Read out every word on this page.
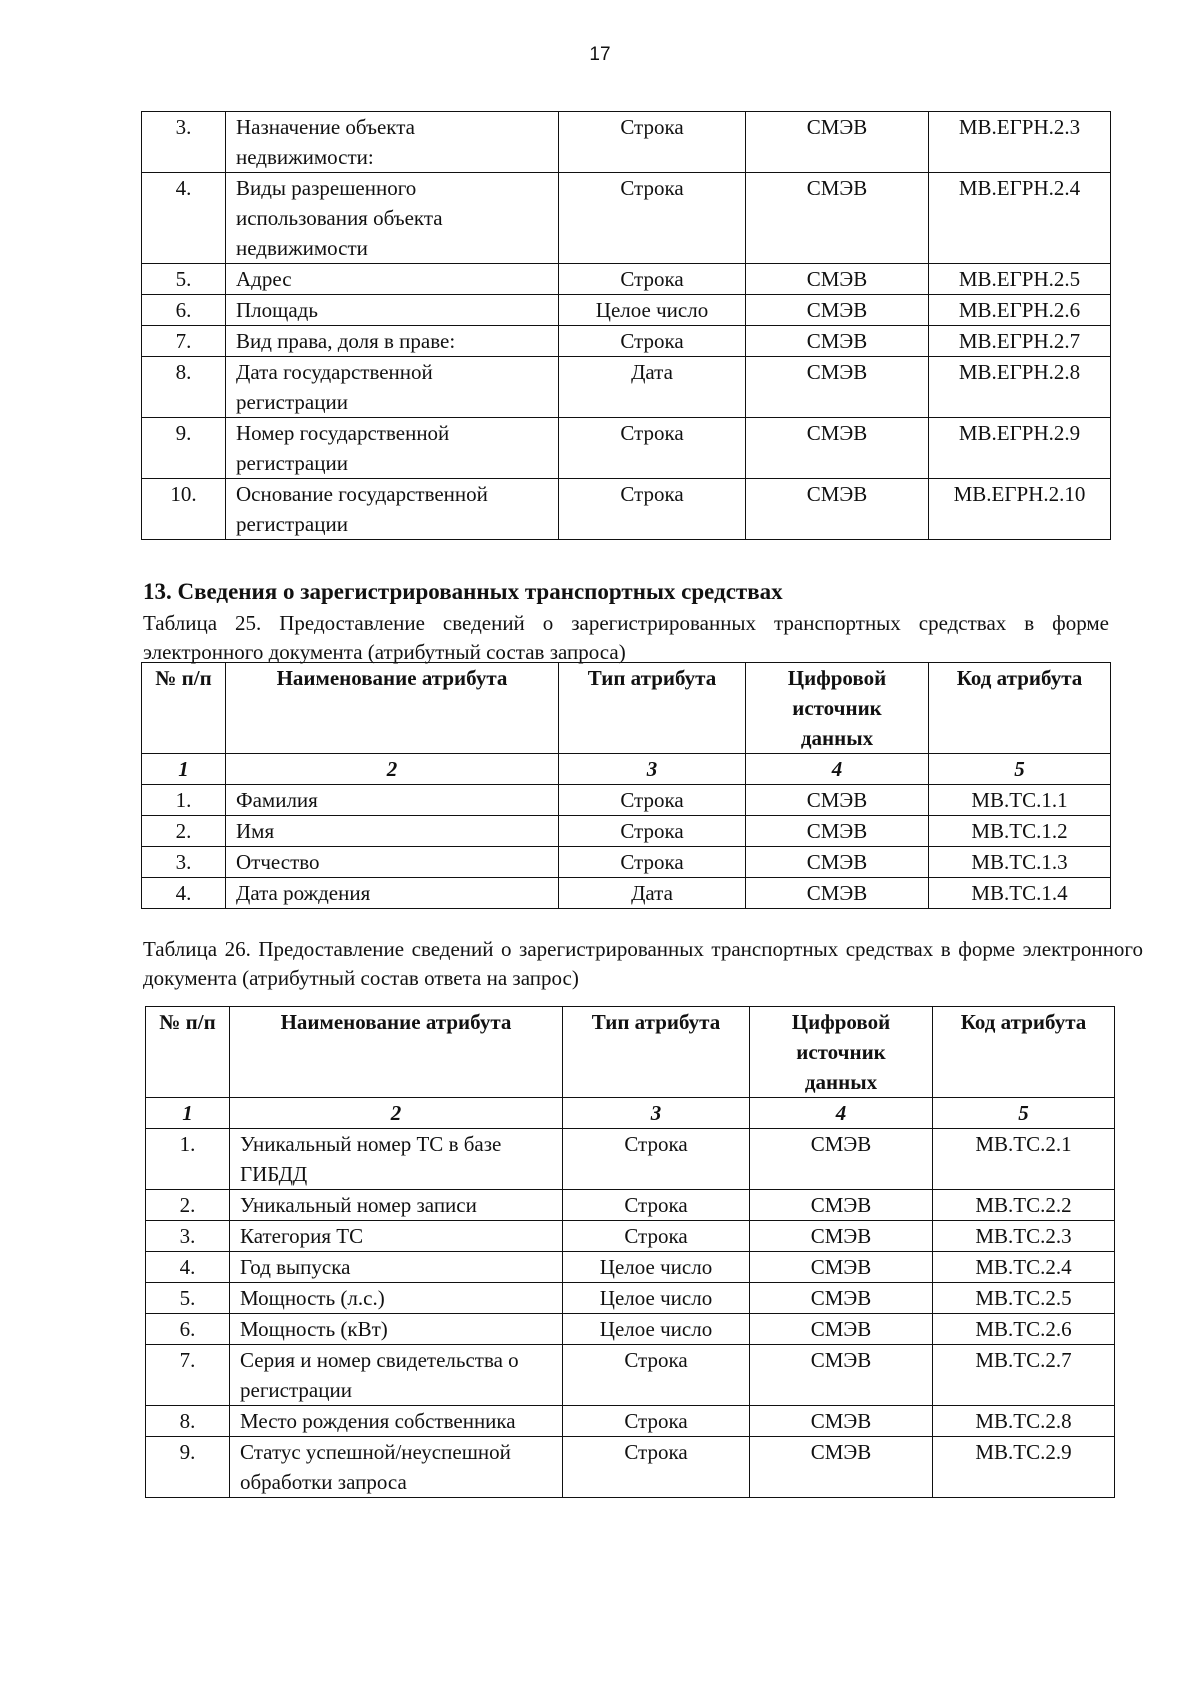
17
3.	Назначение объекта недвижимости:	Строка	СМЭВ	МВ.ЕГРН.2.3
4.	Виды разрешенного использования объекта недвижимости	Строка	СМЭВ	МВ.ЕГРН.2.4
5.	Адрес	Строка	СМЭВ	МВ.ЕГРН.2.5
6.	Площадь	Целое число	СМЭВ	МВ.ЕГРН.2.6
7.	Вид права, доля в праве:	Строка	СМЭВ	МВ.ЕГРН.2.7
8.	Дата государственной регистрации	Дата	СМЭВ	МВ.ЕГРН.2.8
9.	Номер государственной регистрации	Строка	СМЭВ	МВ.ЕГРН.2.9
10.	Основание государственной регистрации	Строка	СМЭВ	МВ.ЕГРН.2.10
13. Сведения о зарегистрированных транспортных средствах
Таблица 25. Предоставление сведений о зарегистрированных транспортных средствах в форме электронного документа (атрибутный состав запроса)
№ п/п	Наименование атрибута	Тип атрибута	Цифровой источник данных	Код атрибута
1	2	3	4	5
1.	Фамилия	Строка	СМЭВ	МВ.ТС.1.1
2.	Имя	Строка	СМЭВ	МВ.ТС.1.2
3.	Отчество	Строка	СМЭВ	МВ.ТС.1.3
4.	Дата рождения	Дата	СМЭВ	МВ.ТС.1.4
Таблица 26. Предоставление сведений о зарегистрированных транспортных средствах в форме электронного документа (атрибутный состав ответа на запрос)
№ п/п	Наименование атрибута	Тип атрибута	Цифровой источник данных	Код атрибута
1	2	3	4	5
1.	Уникальный номер ТС в базе ГИБДД	Строка	СМЭВ	МВ.ТС.2.1
2.	Уникальный номер записи	Строка	СМЭВ	МВ.ТС.2.2
3.	Категория ТС	Строка	СМЭВ	МВ.ТС.2.3
4.	Год выпуска	Целое число	СМЭВ	МВ.ТС.2.4
5.	Мощность (л.с.)	Целое число	СМЭВ	МВ.ТС.2.5
6.	Мощность (кВт)	Целое число	СМЭВ	МВ.ТС.2.6
7.	Серия и номер свидетельства о регистрации	Строка	СМЭВ	МВ.ТС.2.7
8.	Место рождения собственника	Строка	СМЭВ	МВ.ТС.2.8
9.	Статус успешной/неуспешной обработки запроса	Строка	СМЭВ	МВ.ТС.2.9
